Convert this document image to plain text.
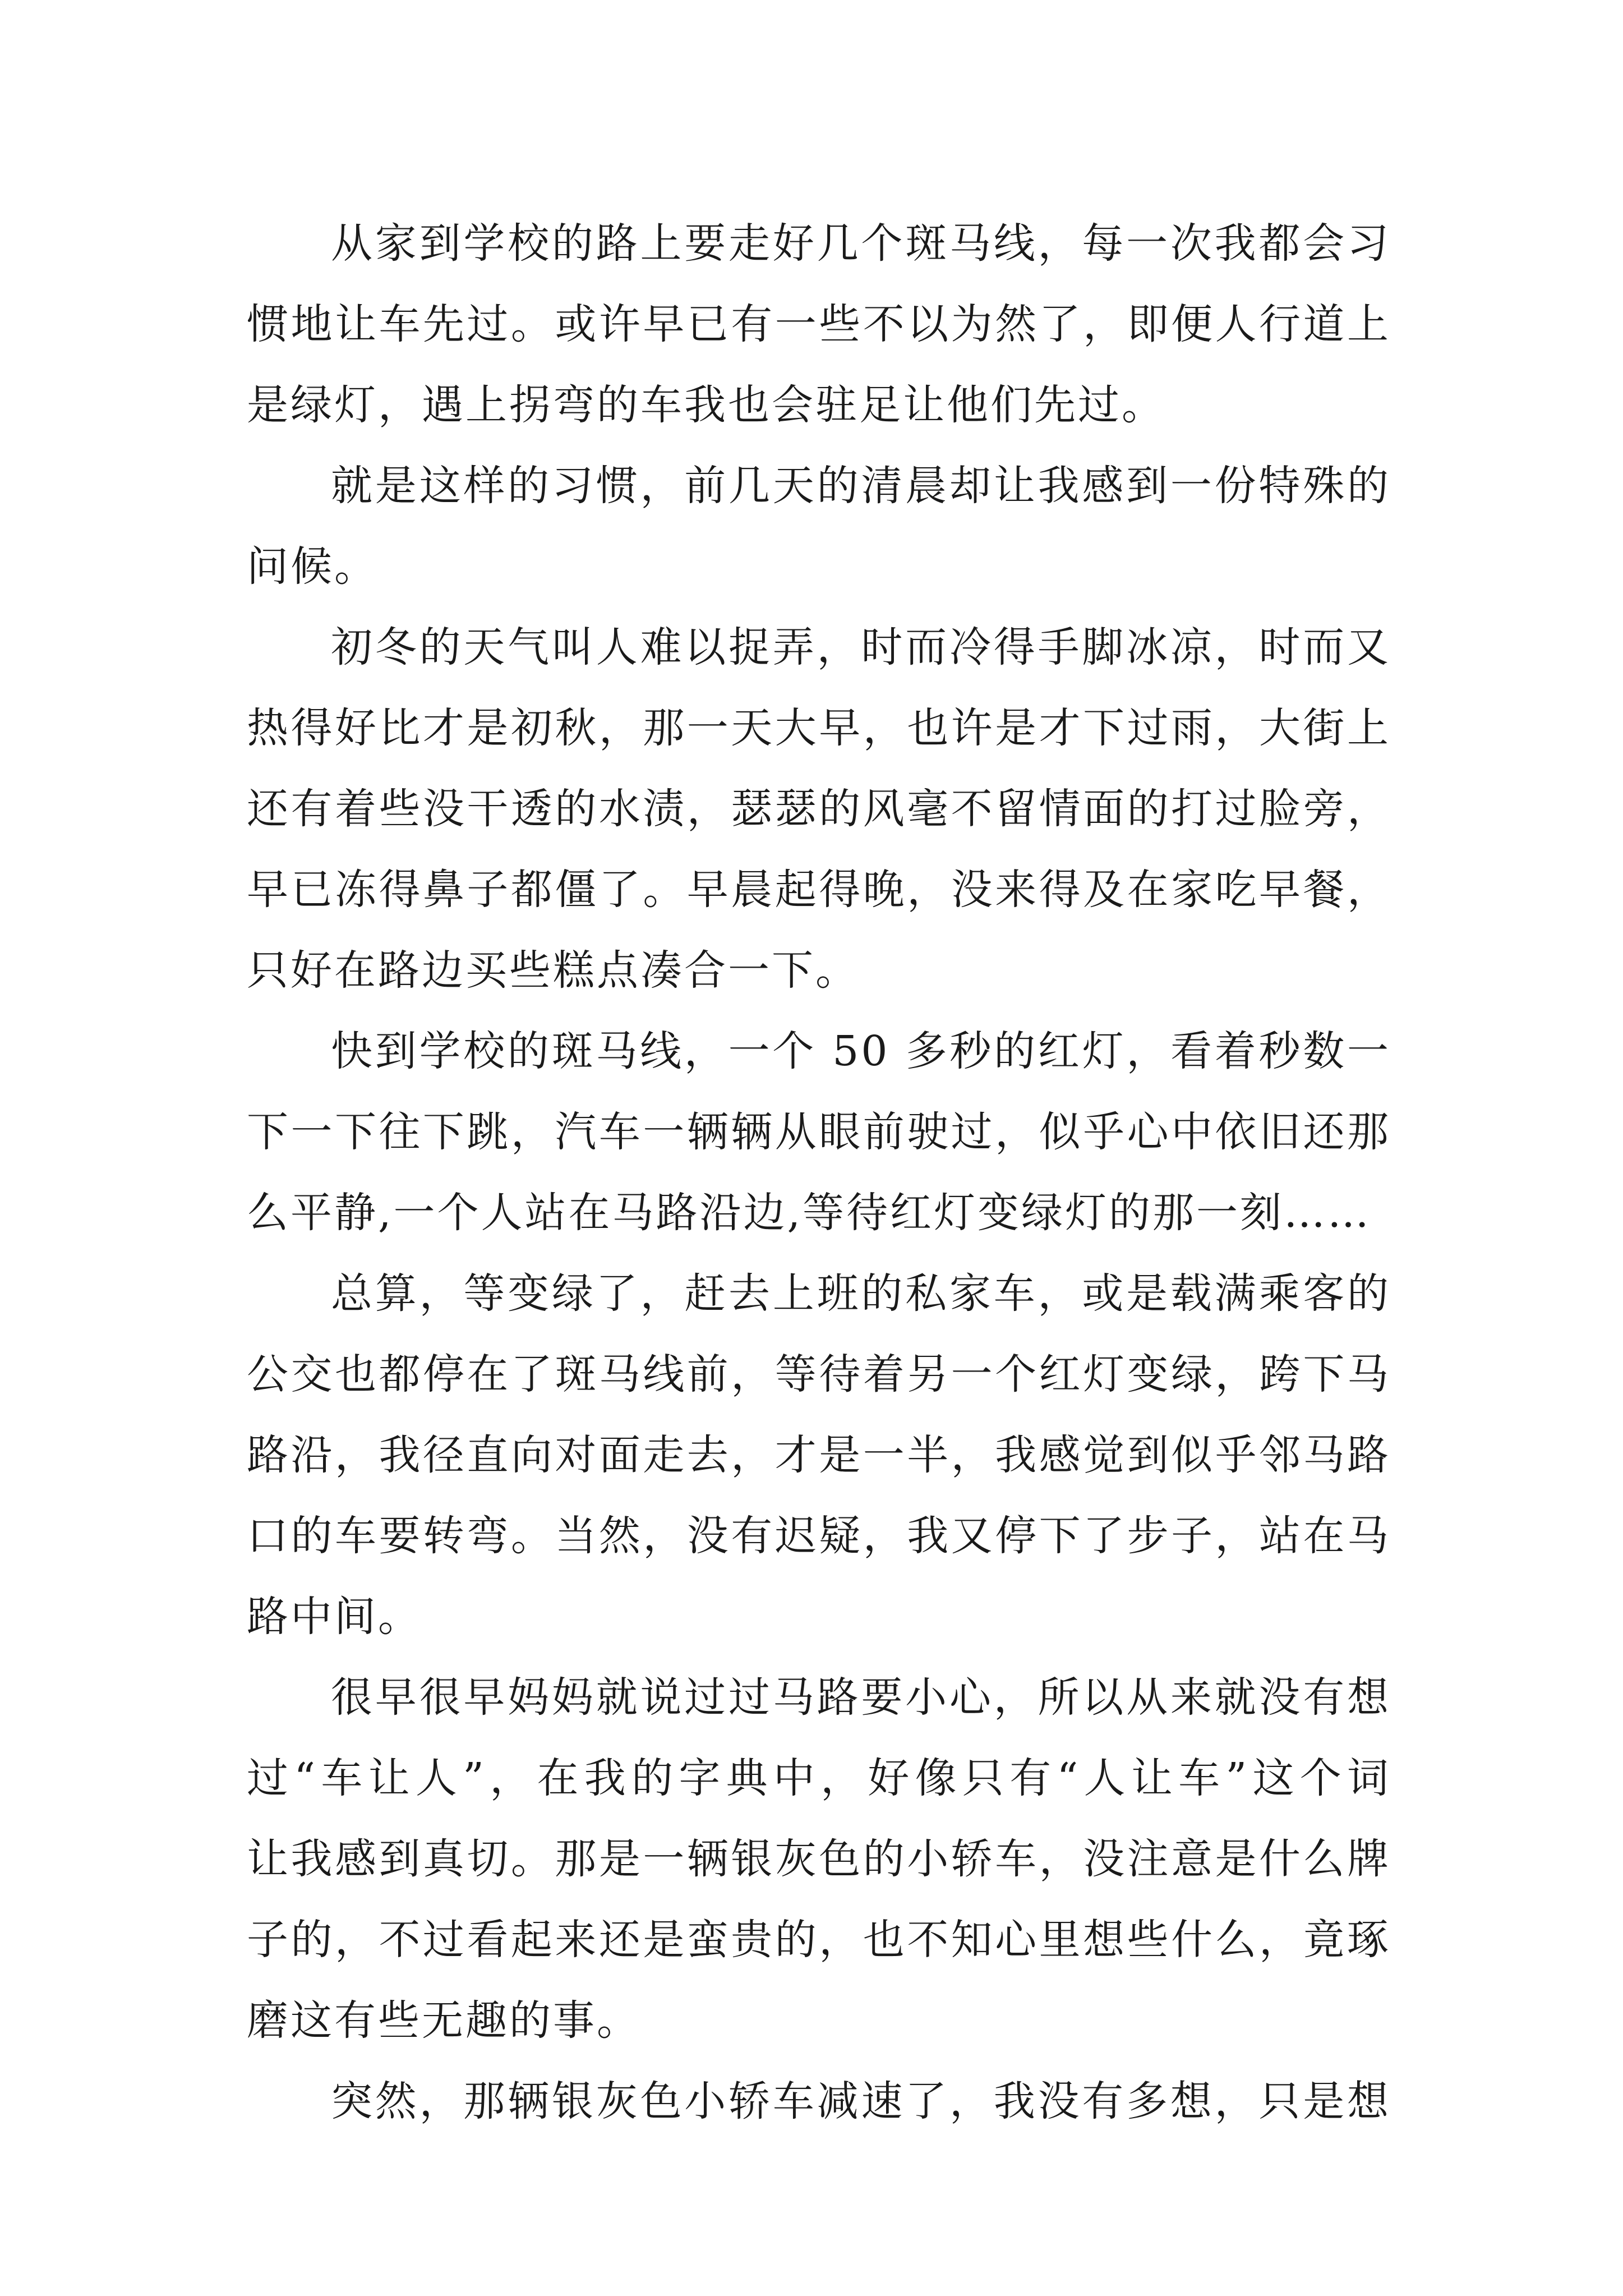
从家到学校的路上要走好几个斑马线，每一次我都会习
惯地让车先过。或许早已有一些不以为然了，即便人行道上
是绿灯，遇上拐弯的车我也会驻足让他们先过。
就是这样的习惯，前几天的清晨却让我感到一份特殊的
问候。
初冬的天气叫人难以捉弄，时而冷得手脚冰凉，时而又
热得好比才是初秋，那一天大早，也许是才下过雨，大街上
还有着些没干透的水渍，瑟瑟的风毫不留情面的打过脸旁，
早已冻得鼻子都僵了。早晨起得晚，没来得及在家吃早餐，
只好在路边买些糕点凑合一下。
快到学校的斑马线，一个 50 多秒的红灯，看着秒数一
下一下往下跳，汽车一辆辆从眼前驶过，似乎心中依旧还那
么平静,一个人站在马路沿边,等待红灯变绿灯的那一刻……
总算，等变绿了，赶去上班的私家车，或是载满乘客的
公交也都停在了斑马线前，等待着另一个红灯变绿，跨下马
路沿，我径直向对面走去，才是一半，我感觉到似乎邻马路
口的车要转弯。当然，没有迟疑，我又停下了步子，站在马
路中间。
很早很早妈妈就说过过马路要小心，所以从来就没有想
过“车让人”，在我的字典中，好像只有“人让车”这个词
让我感到真切。那是一辆银灰色的小轿车，没注意是什么牌
子的，不过看起来还是蛮贵的，也不知心里想些什么，竟琢
磨这有些无趣的事。
突然，那辆银灰色小轿车减速了，我没有多想，只是想
